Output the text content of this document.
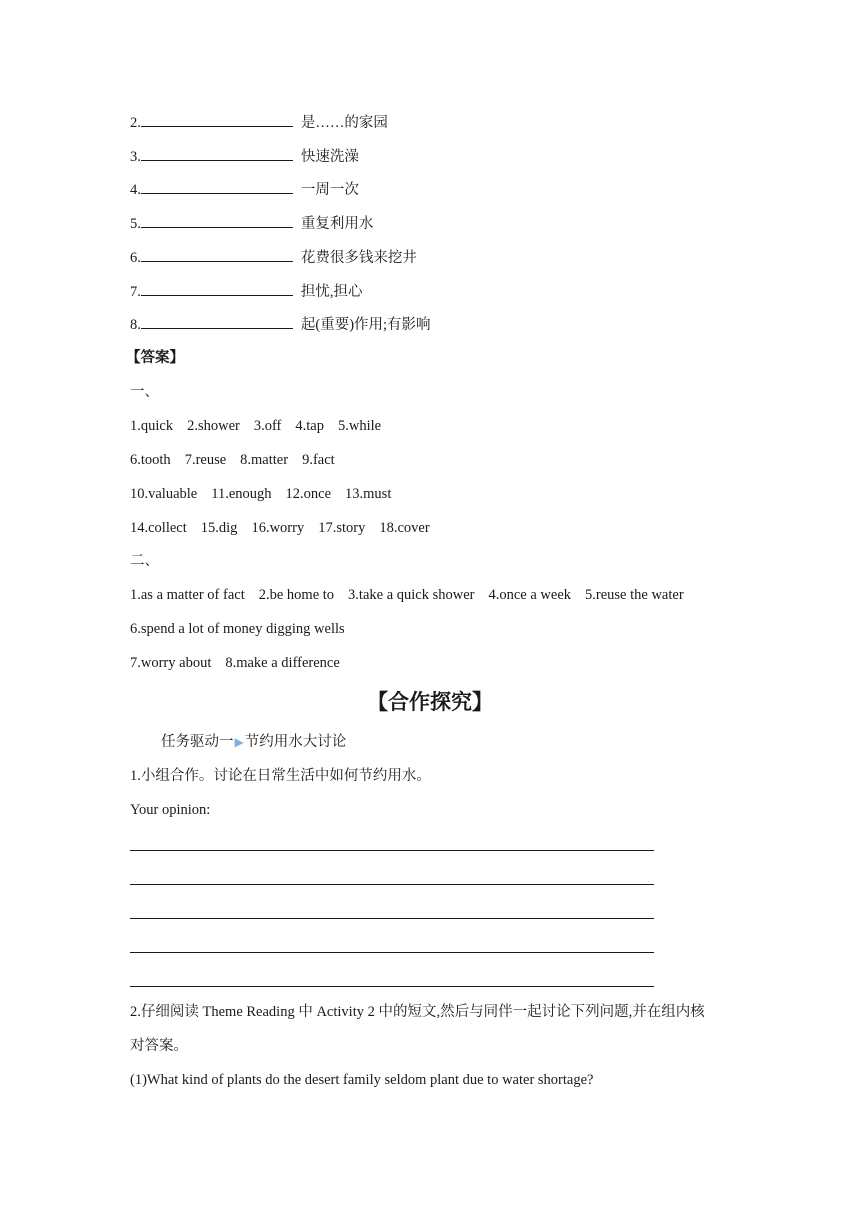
2.	是……的家园
3.	快速洗澡
4.	一周一次
5.	重复利用水
6.	花费很多钱来挖井
7.	担忧,担心
8.	起(重要)作用;有影响
【答案】
一、
1.quick 2.shower 3.off 4.tap 5.while
6.tooth 7.reuse 8.matter 9.fact
10.valuable 11.enough 12.once 13.must
14.collect 15.dig 16.worry 17.story 18.cover
二、
1.as a matter of fact 2.be home to 3.take a quick shower 4.once a week 5.reuse the water
6.spend a lot of money digging wells
7.worry about 8.make a difference
【合作探究】
任务驱动一▶节约用水大讨论
1.小组合作。讨论在日常生活中如何节约用水。
Your opinion:
2.仔细阅读 Theme Reading 中 Activity 2 中的短文,然后与同伴一起讨论下列问题,并在组内核
对答案。
(1)What kind of plants do the desert family seldom plant due to water shortage?
